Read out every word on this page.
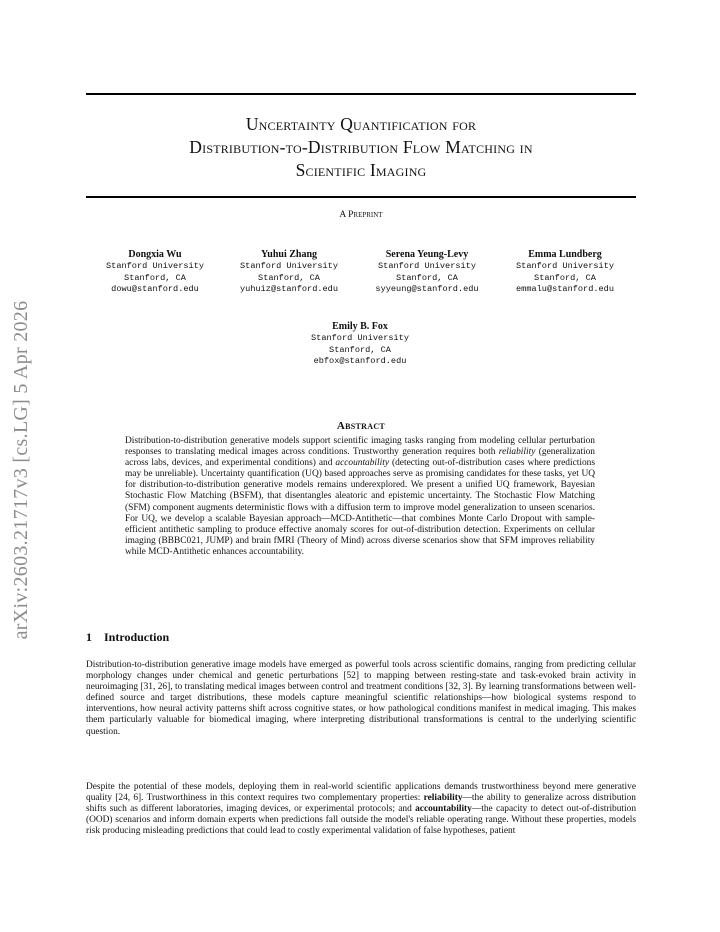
arXiv:2603.21717v3 [cs.LG] 5 Apr 2026
Uncertainty Quantification for
Distribution-to-Distribution Flow Matching in
Scientific Imaging
A Preprint
Dongxia Wu
Stanford University
Stanford, CA
dowu@stanford.edu
Yuhui Zhang
Stanford University
Stanford, CA
yuhuiz@stanford.edu
Serena Yeung-Levy
Stanford University
Stanford, CA
syyeung@stanford.edu
Emma Lundberg
Stanford University
Stanford, CA
emmalu@stanford.edu
Emily B. Fox
Stanford University
Stanford, CA
ebfox@stanford.edu
Abstract

Distribution-to-distribution generative models support scientific imaging tasks ranging from modeling cellular perturbation responses to translating medical images across conditions. Trustworthy generation requires both reliability (generalization across labs, devices, and experimental conditions) and accountability (detecting out-of-distribution cases where predictions may be unreliable). Uncertainty quantification (UQ) based approaches serve as promising candidates for these tasks, yet UQ for distribution-to-distribution generative models remains underexplored. We present a unified UQ framework, Bayesian Stochastic Flow Matching (BSFM), that disentangles aleatoric and epistemic uncertainty. The Stochastic Flow Matching (SFM) component augments deterministic flows with a diffusion term to improve model generalization to unseen scenarios. For UQ, we develop a scalable Bayesian approach—MCD-Antithetic—that combines Monte Carlo Dropout with sample-efficient antithetic sampling to produce effective anomaly scores for out-of-distribution detection. Experiments on cellular imaging (BBBC021, JUMP) and brain fMRI (Theory of Mind) across diverse scenarios show that SFM improves reliability while MCD-Antithetic enhances accountability.

1 Introduction

Distribution-to-distribution generative image models have emerged as powerful tools across scientific domains, ranging from predicting cellular morphology changes under chemical and genetic perturbations [52] to mapping between resting-state and task-evoked brain activity in neuroimaging [31, 26], to translating medical images between control and treatment conditions [32, 3]. By learning transformations between well-defined source and target distributions, these models capture meaningful scientific relationships—how biological systems respond to interventions, how neural activity patterns shift across cognitive states, or how pathological conditions manifest in medical imaging. This makes them particularly valuable for biomedical imaging, where interpreting distributional transformations is central to the underlying scientific question.

Despite the potential of these models, deploying them in real-world scientific applications demands trustworthiness beyond mere generative quality [24, 6]. Trustworthiness in this context requires two complementary properties: reliability—the ability to generalize across distribution shifts such as different laboratories, imaging devices, or experimental protocols; and accountability—the capacity to detect out-of-distribution (OOD) scenarios and inform domain experts when predictions fall outside the model's reliable operating range. Without these properties, models risk producing misleading predictions that could lead to costly experimental validation of false hypotheses, patient
